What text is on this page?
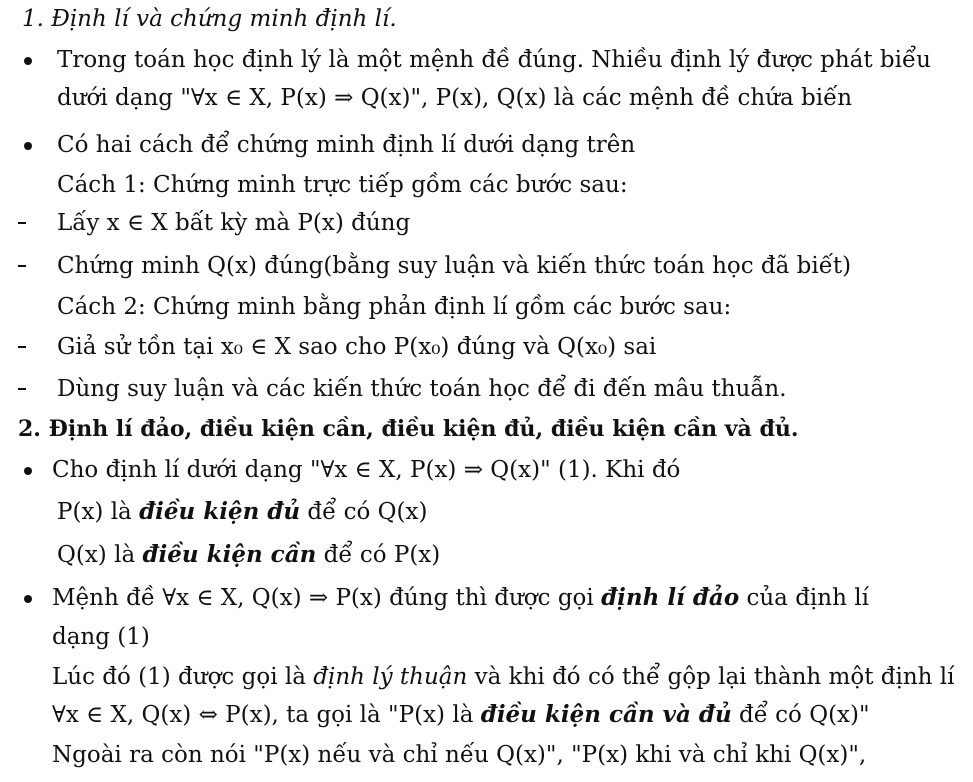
1. Định lí và chứng minh định lí.
Trong toán học định lý là một mệnh đề đúng. Nhiều định lý được phát biểu
dưới dạng "∀x ∈ X, P(x) ⇒ Q(x)", P(x), Q(x) là các mệnh đề chứa biến
Có hai cách để chứng minh định lí dưới dạng trên
Cách 1: Chứng minh trực tiếp gồm các bước sau:
Lấy x ∈ X bất kỳ mà P(x) đúng
Chứng minh Q(x) đúng(bằng suy luận và kiến thức toán học đã biết)
Cách 2: Chứng minh bằng phản định lí gồm các bước sau:
Giả sử tồn tại x₀ ∈ X sao cho P(x₀) đúng và Q(x₀) sai
Dùng suy luận và các kiến thức toán học để đi đến mâu thuẫn.
2. Định lí đảo, điều kiện cần, điều kiện đủ, điều kiện cần và đủ.
Cho định lí dưới dạng "∀x ∈ X, P(x) ⇒ Q(x)" (1). Khi đó
P(x) là điều kiện đủ để có Q(x)
Q(x) là điều kiện cần để có P(x)
Mệnh đề ∀x ∈ X, Q(x) ⇒ P(x) đúng thì được gọi định lí đảo của định lí
dạng (1)
Lúc đó (1) được gọi là định lý thuận và khi đó có thể gộp lại thành một định lí
∀x ∈ X, Q(x) ⇔ P(x), ta gọi là "P(x) là điều kiện cần và đủ để có Q(x)"
Ngoài ra còn nói "P(x) nếu và chỉ nếu Q(x)", "P(x) khi và chỉ khi Q(x)",
